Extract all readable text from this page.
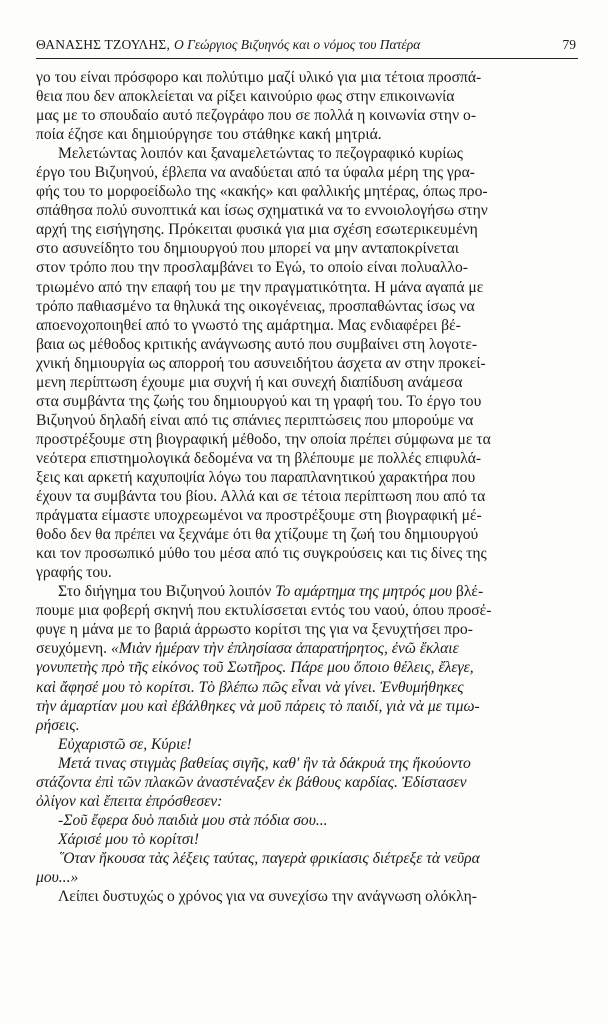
ΘΑΝΑΣΗΣ ΤΖΟΥΛΗΣ, Ο Γεώργιος Βιζυηνός και ο νόμος του Πατέρα	79
γο του είναι πρόσφορο και πολύτιμο μαζί υλικό για μια τέτοια προσπά-
θεια που δεν αποκλείεται να ρίξει καινούριο φως στην επικοινωνία
μας με το σπουδαίο αυτό πεζογράφο που σε πολλά η κοινωνία στην ο-
ποία έζησε και δημιούργησε του στάθηκε κακή μητριά.
Μελετώντας λοιπόν και ξαναμελετώντας το πεζογραφικό κυρίως
έργο του Βιζυηνού, έβλεπα να αναδύεται από τα ύφαλα μέρη της γρα-
φής του το μορφοείδωλο της «κακής» και φαλλικής μητέρας, όπως προ-
σπάθησα πολύ συνοπτικά και ίσως σχηματικά να το εννοιολογήσω στην
αρχή της εισήγησης. Πρόκειται φυσικά για μια σχέση εσωτερικευμένη
στο ασυνείδητο του δημιουργού που μπορεί να μην ανταποκρίνεται
στον τρόπο που την προσλαμβάνει το Εγώ, το οποίο είναι πολυαλλο-
τριωμένο από την επαφή του με την πραγματικότητα. Η μάνα αγαπά με
τρόπο παθιασμένο τα θηλυκά της οικογένειας, προσπαθώντας ίσως να
αποενοχοποιηθεί από το γνωστό της αμάρτημα. Μας ενδιαφέρει βέ-
βαια ως μέθοδος κριτικής ανάγνωσης αυτό που συμβαίνει στη λογοτε-
χνική δημιουργία ως απορροή του ασυνειδήτου άσχετα αν στην προκεί-
μενη περίπτωση έχουμε μια συχνή ή και συνεχή διαπίδυση ανάμεσα
στα συμβάντα της ζωής του δημιουργού και τη γραφή του. Το έργο του
Βιζυηνού δηλαδή είναι από τις σπάνιες περιπτώσεις που μπορούμε να
προστρέξουμε στη βιογραφική μέθοδο, την οποία πρέπει σύμφωνα με τα
νεότερα επιστημολογικά δεδομένα να τη βλέπουμε με πολλές επιφυλά-
ξεις και αρκετή καχυποψία λόγω του παραπλανητικού χαρακτήρα που
έχουν τα συμβάντα του βίου. Αλλά και σε τέτοια περίπτωση που από τα
πράγματα είμαστε υποχρεωμένοι να προστρέξουμε στη βιογραφική μέ-
θοδο δεν θα πρέπει να ξεχνάμε ότι θα χτίζουμε τη ζωή του δημιουργού
και τον προσωπικό μύθο του μέσα από τις συγκρούσεις και τις δίνες της
γραφής του.
Στο διήγημα του Βιζυηνού λοιπόν Το αμάρτημα της μητρός μου βλέ-
πουμε μια φοβερή σκηνή που εκτυλίσσεται εντός του ναού, όπου προσέ-
φυγε η μάνα με το βαριά άρρωστο κορίτσι της για να ξενυχτήσει προ-
σευχόμενη. «Μιὰν ἡμέραν τὴν ἐπλησίασα ἀπαρατήρητος, ἐνῶ ἔκλαιε
γονυπετὴς πρὸ τῆς εἰκόνος τοῦ Σωτῆρος. Πάρε μου ὅποιο θέλεις, ἔλεγε,
καὶ ἄφησέ μου τὸ κορίτσι. Τὸ βλέπω πῶς εἶναι νὰ γίνει. Ἐνθυμήθηκες
τὴν ἁμαρτίαν μου καὶ ἐβάλθηκες νὰ μοῦ πάρεις τὸ παιδί, γιὰ νὰ με τιμω-
ρήσεις.
Εὐχαριστῶ σε, Κύριε!
Μετά τινας στιγμὰς βαθείας σιγῆς, καθ' ἣν τὰ δάκρυά της ἤκούοντο
στάζοντα ἐπὶ τῶν πλακῶν ἀναστέναξεν ἐκ βάθους καρδίας. Ἐδίστασεν
ὀλίγον καὶ ἔπειτα ἐπρόσθεσεν:
-Σοῦ ἔφερα δυὸ παιδιὰ μου στὰ πόδια σου...
Χάρισέ μου τὸ κορίτσι!
῞Οταν ἤκουσα τὰς λέξεις ταύτας, παγερὰ φρικίασις διέτρεξε τὰ νεῦρα
μου...»
Λείπει δυστυχώς ο χρόνος για να συνεχίσω την ανάγνωση ολόκλη-
